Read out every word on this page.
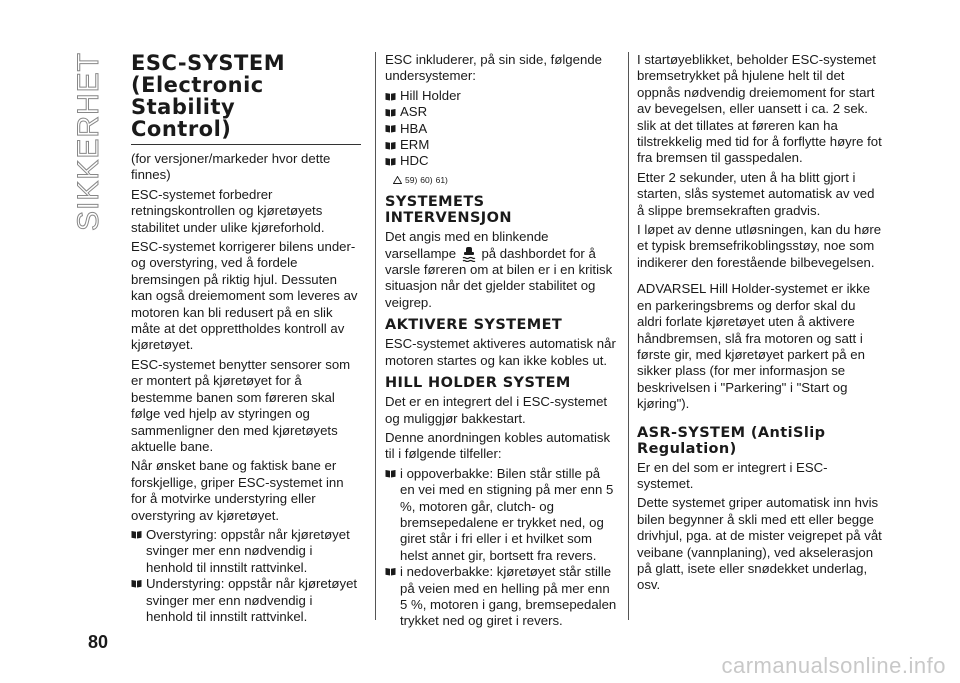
SIKKERHET ESC-SYSTEM
(Electronic Stability
Control)

(for versjoner/markeder hvor dette finnes)

ESC-systemet forbedrer retningskontrollen og kjøretøyets stabilitet under ulike kjøreforhold.

ESC-systemet korrigerer bilens under- og overstyring, ved å fordele bremsingen på riktig hjul. Dessuten kan også dreiemoment som leveres av motoren kan bli redusert på en slik måte at det opprettholdes kontroll av kjøretøyet.

ESC-systemet benytter sensorer som er montert på kjøretøyet for å bestemme banen som føreren skal følge ved hjelp av styringen og sammenligner den med kjøretøyets aktuelle bane.

Når ønsket bane og faktisk bane er forskjellige, griper ESC-systemet inn for å motvirke understyring eller overstyring av kjøretøyet.

Overstyring: oppstår når kjøretøyet svinger mer enn nødvendig i henhold til innstilt rattvinkel.
Understyring: oppstår når kjøretøyet svinger mer enn nødvendig i henhold til innstilt rattvinkel.

ESC inkluderer, på sin side, følgende undersystemer:

Hill Holder
ASR
HBA
ERM
HDC
59) 60) 61)
SYSTEMETS
INTERVENSJON

Det angis med en blinkende varsellampe på dashbordet for å varsle føreren om at bilen er i en kritisk situasjon når det gjelder stabilitet og veigrep.

AKTIVERE SYSTEMET

ESC-systemet aktiveres automatisk når motoren startes og kan ikke kobles ut.

HILL HOLDER SYSTEM

Det er en integrert del i ESC-systemet og muliggjør bakkestart.

Denne anordningen kobles automatisk til i følgende tilfeller:

i oppoverbakke: Bilen står stille på en vei med en stigning på mer enn 5 %, motoren går, clutch- og bremsepedalene er trykket ned, og giret står i fri eller i et hvilket som helst annet gir, bortsett fra revers.
i nedoverbakke: kjøretøyet står stille på veien med en helling på mer enn 5 %, motoren i gang, bremsepedalen trykket ned og giret i revers.

I startøyeblikket, beholder ESC-systemet bremsetrykket på hjulene helt til det oppnås nødvendig dreiemoment for start av bevegelsen, eller uansett i ca. 2 sek. slik at det tillates at føreren kan ha tilstrekkelig med tid for å forflytte høyre fot fra bremsen til gasspedalen.

Etter 2 sekunder, uten å ha blitt gjort i starten, slås systemet automatisk av ved å slippe bremsekraften gradvis.

I løpet av denne utløsningen, kan du høre et typisk bremsefrikoblingsstøy, noe som indikerer den forestående bilbevegelsen.

ADVARSEL Hill Holder-systemet er ikke en parkeringsbrems og derfor skal du aldri forlate kjøretøyet uten å aktivere håndbremsen, slå fra motoren og satt i første gir, med kjøretøyet parkert på en sikker plass (for mer informasjon se beskrivelsen i "Parkering" i "Start og kjøring").

ASR-SYSTEM (AntiSlip
Regulation)

Er en del som er integrert i ESC-systemet.

Dette systemet griper automatisk inn hvis bilen begynner å skli med ett eller begge drivhjul, pga. at de mister veigrepet på våt veibane (vannplaning), ved akselerasjon på glatt, isete eller snødekket underlag, osv.

80
carmanualsonline.info
